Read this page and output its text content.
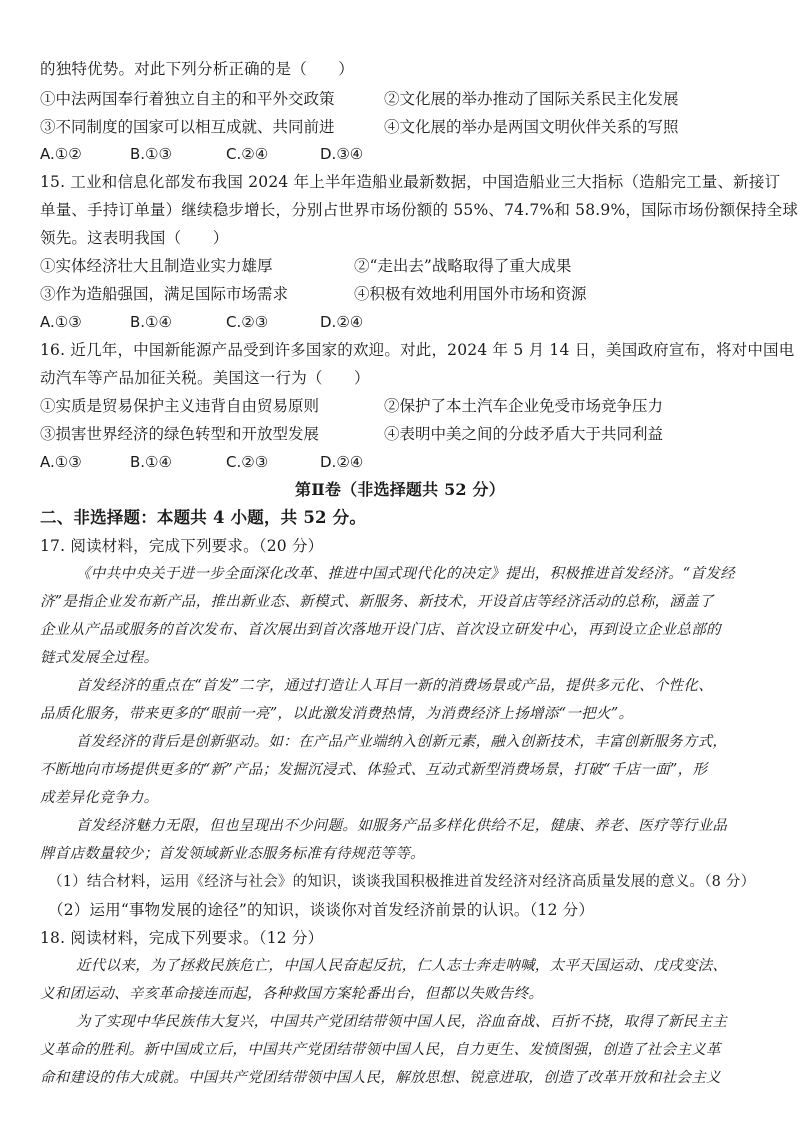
的独特优势。对此下列分析正确的是（　　）
①中法两国奉行着独立自主的和平外交政策	②文化展的举办推动了国际关系民主化发展
③不同制度的国家可以相互成就、共同前进	④文化展的举办是两国文明伙伴关系的写照
A.①②	B.①③	C.②④	D.③④
15. 工业和信息化部发布我国 2024 年上半年造船业最新数据，中国造船业三大指标（造船完工量、新接订
单量、手持订单量）继续稳步增长，分别占世界市场份额的 55%、74.7%和 58.9%，国际市场份额保持全球
领先。这表明我国（　　）
①实体经济壮大且制造业实力雄厚	②“走出去”战略取得了重大成果
③作为造船强国，满足国际市场需求	④积极有效地利用国外市场和资源
A.①③	B.①④	C.②③	D.②④
16. 近几年，中国新能源产品受到许多国家的欢迎。对此，2024 年 5 月 14 日，美国政府宣布，将对中国电
动汽车等产品加征关税。美国这一行为（　　）
①实质是贸易保护主义违背自由贸易原则	②保护了本土汽车企业免受市场竞争压力
③损害世界经济的绿色转型和开放型发展	④表明中美之间的分歧矛盾大于共同利益
A.①③	B.①④	C.②③	D.②④
第Ⅱ卷（非选择题共 52 分）
二、非选择题：本题共 4 小题，共 52 分。
17. 阅读材料，完成下列要求。（20 分）
《中共中央关于进一步全面深化改革、推进中国式现代化的决定》提出，积极推进首发经济。“首发经
济”是指企业发布新产品，推出新业态、新模式、新服务、新技术，开设首店等经济活动的总称，涵盖了
企业从产品或服务的首次发布、首次展出到首次落地开设门店、首次设立研发中心，再到设立企业总部的
链式发展全过程。
首发经济的重点在“首发”二字，通过打造让人耳目一新的消费场景或产品，提供多元化、个性化、
品质化服务，带来更多的“眼前一亮”，以此激发消费热情，为消费经济上扬增添“一把火”。
首发经济的背后是创新驱动。如：在产品产业端纳入创新元素，融入创新技术，丰富创新服务方式，
不断地向市场提供更多的“新”产品；发掘沉浸式、体验式、互动式新型消费场景，打破“千店一面”，形
成差异化竞争力。
首发经济魅力无限，但也呈现出不少问题。如服务产品多样化供给不足，健康、养老、医疗等行业品
牌首店数量较少；首发领域新业态服务标准有待规范等等。
（1）结合材料，运用《经济与社会》的知识，谈谈我国积极推进首发经济对经济高质量发展的意义。（8 分）
（2）运用“事物发展的途径”的知识，谈谈你对首发经济前景的认识。（12 分）
18. 阅读材料，完成下列要求。（12 分）
近代以来，为了拯救民族危亡，中国人民奋起反抗，仁人志士奔走呐喊，太平天国运动、戊戌变法、
义和团运动、辛亥革命接连而起，各种救国方案轮番出台，但都以失败告终。
为了实现中华民族伟大复兴，中国共产党团结带领中国人民，浴血奋战、百折不挠，取得了新民主主
义革命的胜利。新中国成立后，中国共产党团结带领中国人民，自力更生、发愤图强，创造了社会主义革
命和建设的伟大成就。中国共产党团结带领中国人民，解放思想、锐意进取，创造了改革开放和社会主义
